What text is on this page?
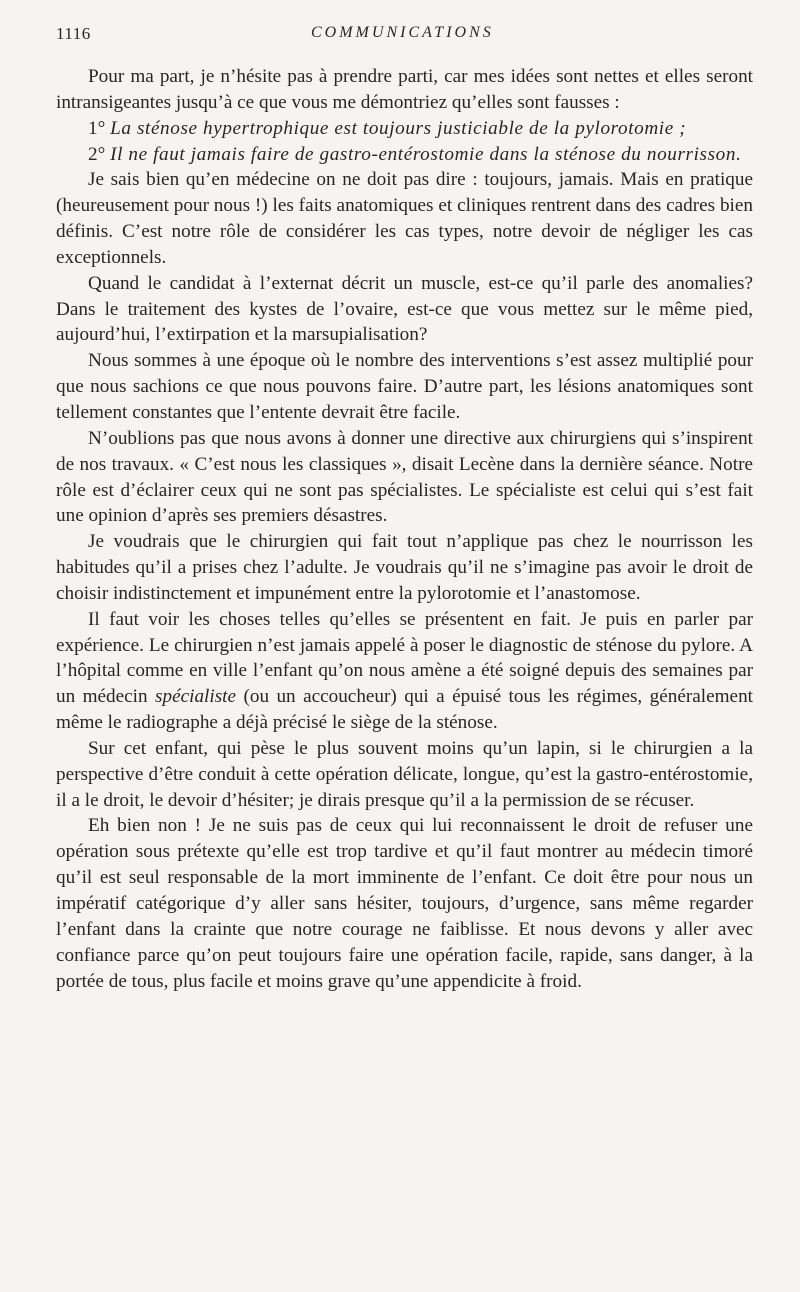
1116	COMMUNICATIONS

Pour ma part, je n’hésite pas à prendre parti, car mes idées sont nettes et elles seront intransigeantes jusqu’à ce que vous me démontriez qu’elles sont fausses :

1° La sténose hypertrophique est toujours justiciable de la pylorotomie ;

2° Il ne faut jamais faire de gastro-entérostomie dans la sténose du nourrisson.

Je sais bien qu’en médecine on ne doit pas dire : toujours, jamais. Mais en pratique (heureusement pour nous !) les faits anatomiques et cliniques rentrent dans des cadres bien définis. C’est notre rôle de considérer les cas types, notre devoir de négliger les cas exceptionnels.

Quand le candidat à l’externat décrit un muscle, est-ce qu’il parle des anomalies? Dans le traitement des kystes de l’ovaire, est-ce que vous mettez sur le même pied, aujourd’hui, l’extirpation et la marsupialisation?

Nous sommes à une époque où le nombre des interventions s’est assez multiplié pour que nous sachions ce que nous pouvons faire. D’autre part, les lésions anatomiques sont tellement constantes que l’entente devrait être facile.

N’oublions pas que nous avons à donner une directive aux chirurgiens qui s’inspirent de nos travaux. « C’est nous les classiques », disait Lecène dans la dernière séance. Notre rôle est d’éclairer ceux qui ne sont pas spécialistes. Le spécialiste est celui qui s’est fait une opinion d’après ses premiers désastres.

Je voudrais que le chirurgien qui fait tout n’applique pas chez le nourrisson les habitudes qu’il a prises chez l’adulte. Je voudrais qu’il ne s’imagine pas avoir le droit de choisir indistinctement et impunément entre la pylorotomie et l’anastomose.

Il faut voir les choses telles qu’elles se présentent en fait. Je puis en parler par expérience. Le chirurgien n’est jamais appelé à poser le diagnostic de sténose du pylore. A l’hôpital comme en ville l’enfant qu’on nous amène a été soigné depuis des semaines par un médecin spécialiste (ou un accoucheur) qui a épuisé tous les régimes, généralement même le radiographe a déjà précisé le siège de la sténose.

Sur cet enfant, qui pèse le plus souvent moins qu’un lapin, si le chirurgien a la perspective d’être conduit à cette opération délicate, longue, qu’est la gastro-entérostomie, il a le droit, le devoir d’hésiter; je dirais presque qu’il a la permission de se récuser.

Eh bien non ! Je ne suis pas de ceux qui lui reconnaissent le droit de refuser une opération sous prétexte qu’elle est trop tardive et qu’il faut montrer au médecin timoré qu’il est seul responsable de la mort imminente de l’enfant. Ce doit être pour nous un impératif catégorique d’y aller sans hésiter, toujours, d’urgence, sans même regarder l’enfant dans la crainte que notre courage ne faiblisse. Et nous devons y aller avec confiance parce qu’on peut toujours faire une opération facile, rapide, sans danger, à la portée de tous, plus facile et moins grave qu’une appendicite à froid.
